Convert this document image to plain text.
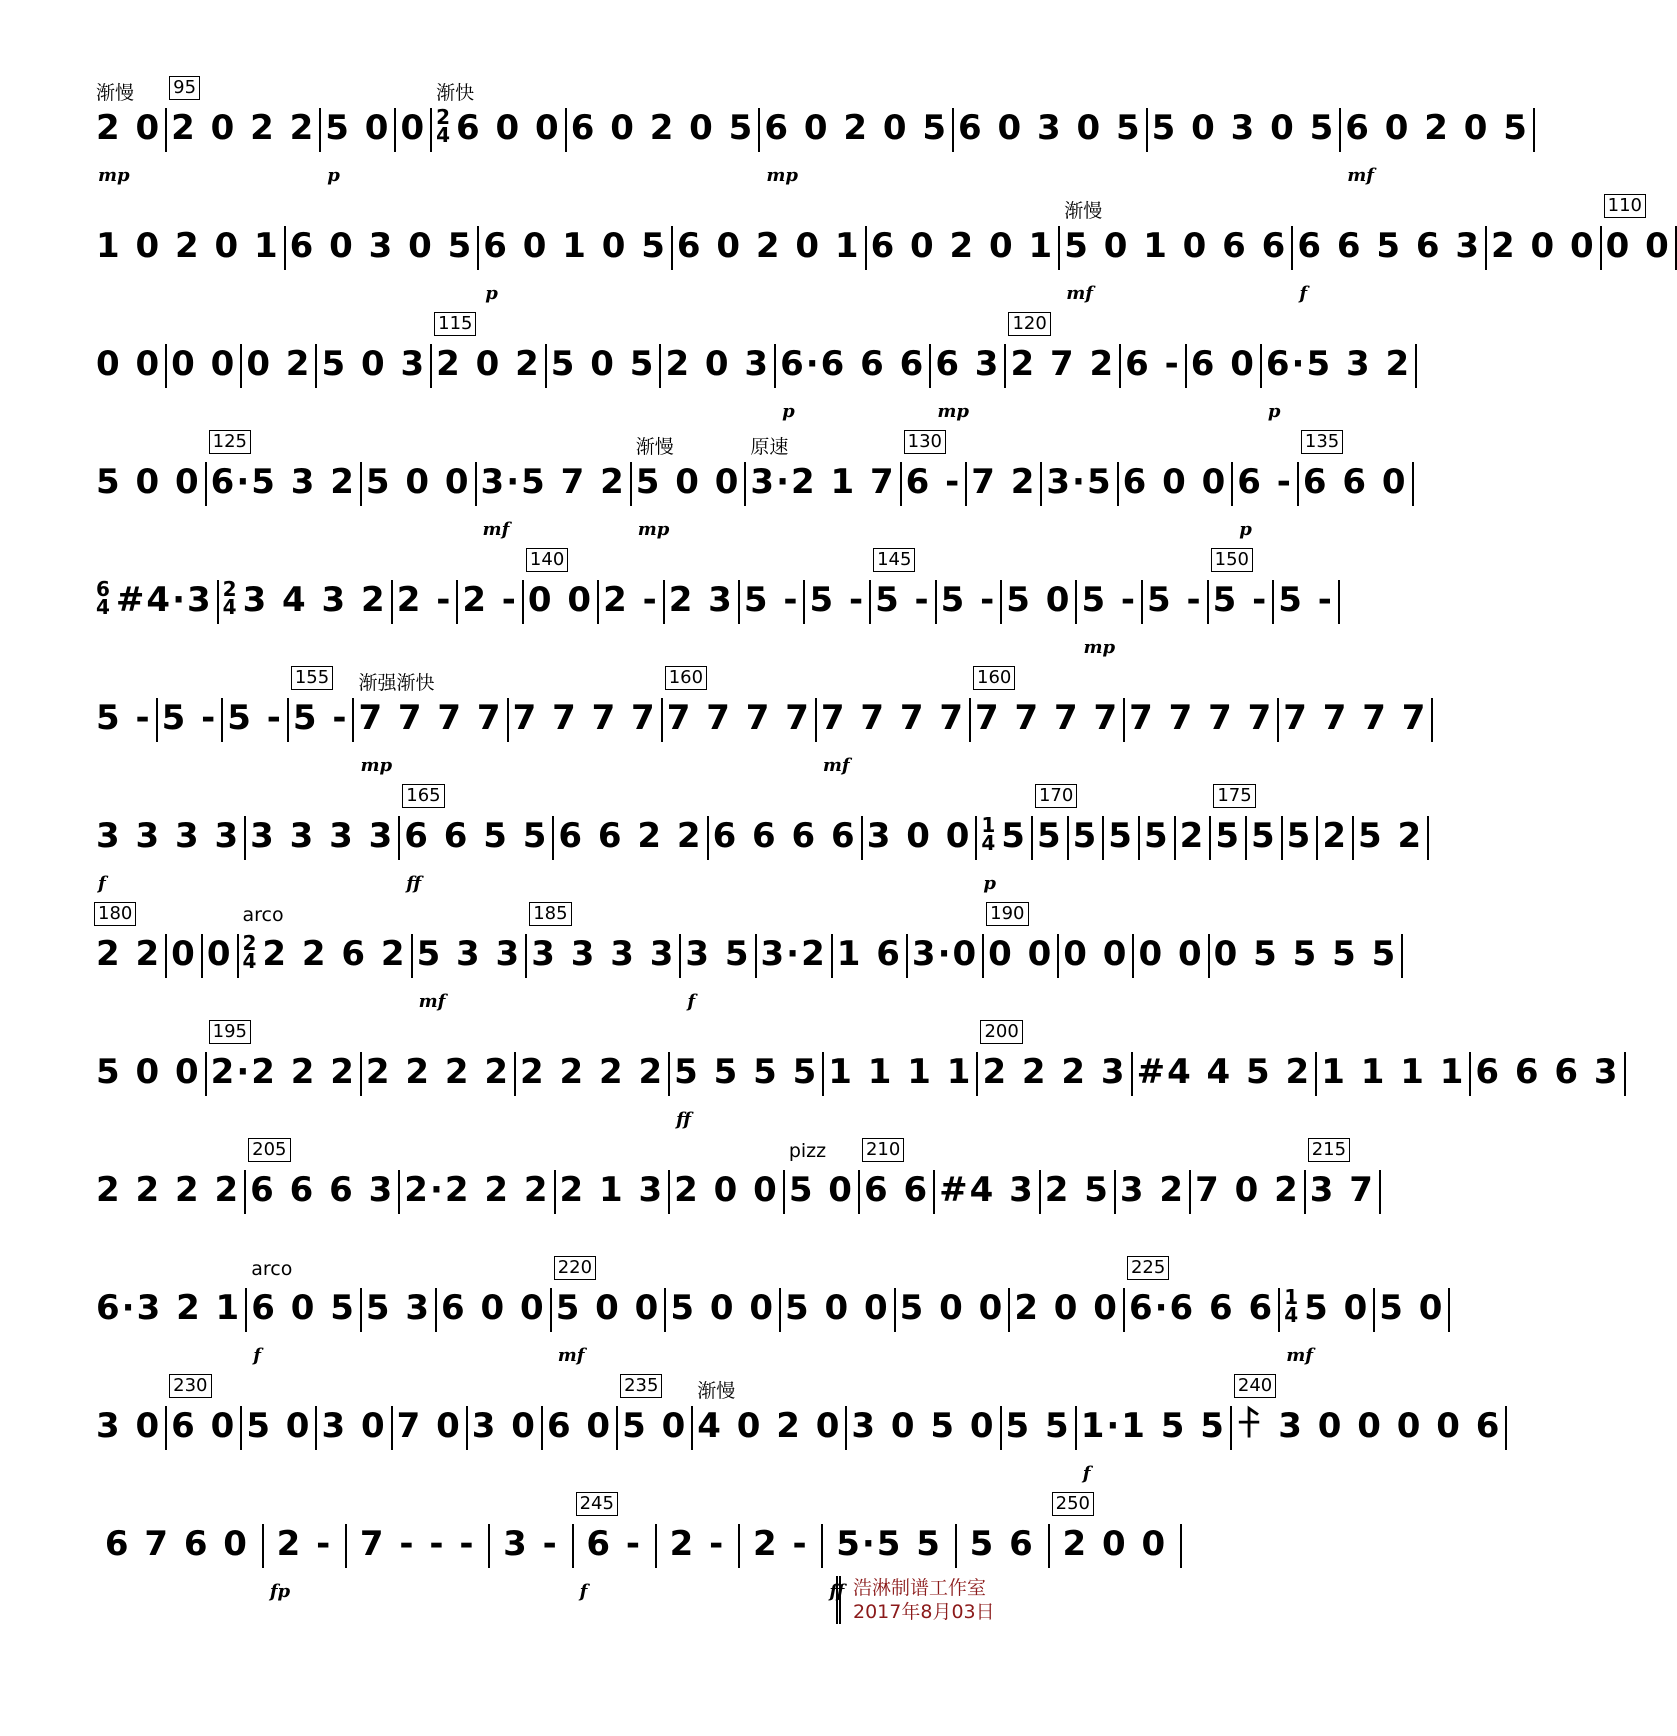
2 0
渐慢
mp
2 0 2 2
95
5 0
p
0 2
4 6 0 0
渐快
6 0 2 0 5 6 0 2 0 5
mp
6 0 3 0 5 5 0 3 0 5 6 0 2 0 5
mf
1 0 2 0 1 6 0 3 0 5 6 0 1 0 5
p
6 0 2 0 1 6 0 2 0 1 5 0 1 0 6 6
渐慢
mf
6 6 5 6 3
f
2 0 0 0 0
110
0 0 0 0 0 2 5 0 3 2 0 2
115
5 0 5 2 0 3 6·6 6 6
p
6 3
mp
2 7 2
120
6 - 6 0 6·5 3 2
p
5 0 0 6·5 3 2
125
5 0 0 3·5 7 2
mf
5 0 0
渐慢
mp
3·2 1 7
原速
6 -
130
7 2 3·5 6 0 0 6 -
p
6 6 0
135
6
4 #4·3 2
4 3 4 3 2 2 - 2 - 0 0
140
2 - 2 3 5 - 5 - 5 -
145
5 - 5 0 5 -
mp
5 - 5 -
150
5 -
5 - 5 - 5 - 5 -
155
7 7 7 7
渐强渐快
mp
7 7 7 7 7 7 7 7
160
7 7 7 7
mf
7 7 7 7
160
7 7 7 7 7 7 7 7
3 3 3 3
f
3 3 3 3 6 6 5 5
165
ff
6 6 2 2 6 6 6 6 3 0 0 1
4 5
p
5
170
5 5 5 2 5
175
5 5 2 5 2
2 2
180
0 0 2
4 2 2 6 2
arco
5 3 3
mf
3 3 3 3
185
3 5
f
3·2 1 6 3·0 0 0
190
0 0 0 0 0 5 5 5 5
5 0 0 2·2 2 2
195
2 2 2 2 2 2 2 2 5 5 5 5
ff
1 1 1 1 2 2 2 3
200
#4 4 5 2 1 1 1 1 6 6 6 3
2 2 2 2 6 6 6 3
205
2·2 2 2 2 1 3 2 0 0 5 0
pizz
6 6
210
#4 3 2 5 3 2 7 0 2 3 7
215
6·3 2 1 6 0 5
arco
f
5 3 6 0 0 5 0 0
220
mf
5 0 0 5 0 0 5 0 0 2 0 0 6·6 6 6
225
1
4 5 0
mf
5 0
3 0 6 0
230
5 0 3 0 7 0 3 0 6 0 5 0
235
4 0 2 0
渐慢
3 0 5 0 5 5 1·1 5 5
f
ꊰ 3 0 0 0 0 6
240
6 7 6 0 2 -
fp
7 - - - 3 - 6 -
245
f
2 - 2 - 5·5 5
ff
5 6 2 0 0
250
浩淋制谱工作室
2017年8月03日
